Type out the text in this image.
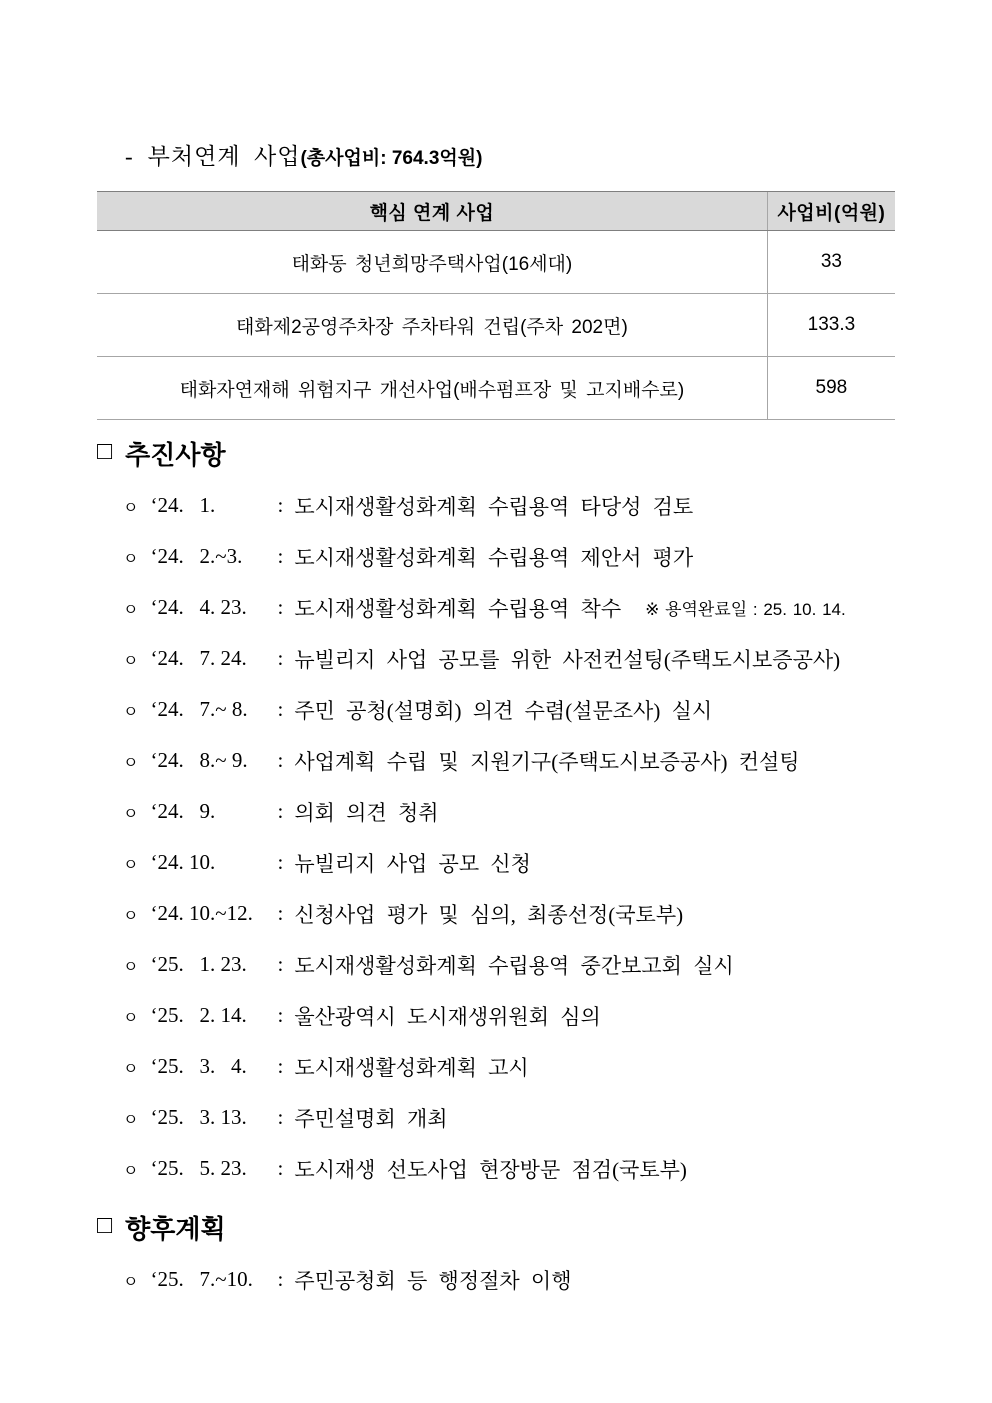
- 부처연계  사업 (총사업비: 764.3억원)
핵심 연계 사업	사업비(억원)
태화동 청년희망주택사업(16세대)	33
태화제2공영주차장 주차타워 건립(주차 202면)	133.3
태화자연재해 위험지구 개선사업(배수펌프장 및 고지배수로)	598
□ 추진사항
ㅇ ‘24.   1.	: 도시재생활성화계획 수립용역 타당성 검토
ㅇ ‘24.   2.~3.	: 도시재생활성화계획 수립용역 제안서 평가
ㅇ ‘24.   4. 23.	: 도시재생활성화계획 수립용역 착수 ※ 용역완료일 : 25. 10. 14.
ㅇ ‘24.   7. 24.	: 뉴빌리지 사업 공모를 위한 사전컨설팅(주택도시보증공사)
ㅇ ‘24.   7.~ 8.	: 주민 공청(설명회) 의견 수렴(설문조사) 실시
ㅇ ‘24.   8.~ 9.	: 사업계획 수립 및 지원기구(주택도시보증공사) 컨설팅
ㅇ ‘24.   9.	: 의회 의견 청취
ㅇ ‘24. 10.	: 뉴빌리지 사업 공모 신청
ㅇ ‘24. 10.~12.	: 신청사업 평가 및 심의, 최종선정(국토부)
ㅇ ‘25.   1. 23.	: 도시재생활성화계획 수립용역 중간보고회 실시
ㅇ ‘25.   2. 14.	: 울산광역시 도시재생위원회 심의
ㅇ ‘25.   3.   4.	: 도시재생활성화계획 고시
ㅇ ‘25.   3. 13.	: 주민설명회 개최
ㅇ ‘25.   5. 23.	: 도시재생 선도사업 현장방문 점검(국토부)
□ 향후계획
ㅇ ‘25.   7.~10.	: 주민공청회 등 행정절차 이행
